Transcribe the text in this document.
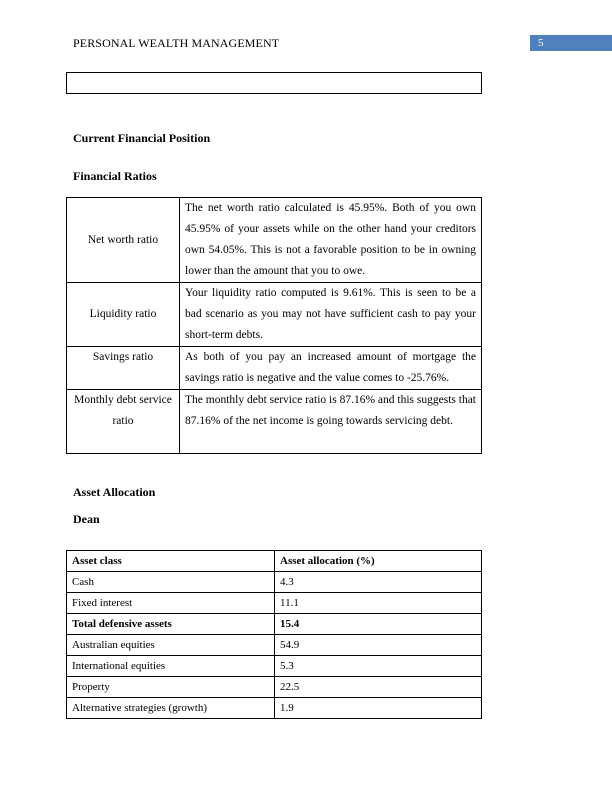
PERSONAL WEALTH MANAGEMENT	5
Current Financial Position
Financial Ratios
Net worth ratio	The net worth ratio calculated is 45.95%. Both of you own 45.95% of your assets while on the other hand your creditors own 54.05%. This is not a favorable position to be in owning lower than the amount that you to owe.
Liquidity ratio	Your liquidity ratio computed is 9.61%. This is seen to be a bad scenario as you may not have sufficient cash to pay your short-term debts.
Savings ratio	As both of you pay an increased amount of mortgage the savings ratio is negative and the value comes to -25.76%.
Monthly debt service ratio	The monthly debt service ratio is 87.16% and this suggests that 87.16% of the net income is going towards servicing debt.
Asset Allocation
Dean
Asset class	Asset allocation (%)
Cash	4.3
Fixed interest	11.1
Total defensive assets	15.4
Australian equities	54.9
International equities	5.3
Property	22.5
Alternative strategies (growth)	1.9
